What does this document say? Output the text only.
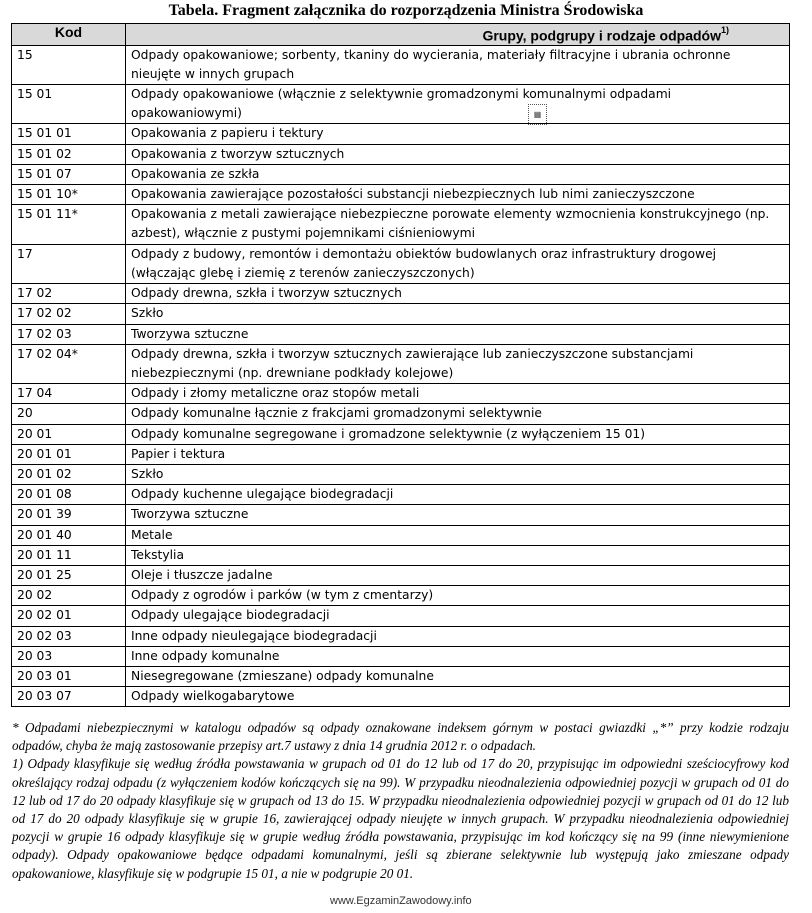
Tabela. Fragment załącznika do rozporządzenia Ministra Środowiska
▦
Kod	Grupy, podgrupy i rodzaje odpadów$^{1)}$
15	Odpady opakowaniowe; sorbenty, tkaniny do wycierania, materiały filtracyjne i ubrania ochronne nieujęte w innych grupach
15 01	Odpady opakowaniowe (włącznie z selektywnie gromadzonymi komunalnymi odpadami opakowaniowymi)
15 01 01	Opakowania z papieru i tektury
15 01 02	Opakowania z tworzyw sztucznych
15 01 07	Opakowania ze szkła
15 01 10*	Opakowania zawierające pozostałości substancji niebezpiecznych lub nimi zanieczyszczone
15 01 11*	Opakowania z metali zawierające niebezpieczne porowate elementy wzmocnienia konstrukcyjnego (np. azbest), włącznie z pustymi pojemnikami ciśnieniowymi
17	Odpady z budowy, remontów i demontażu obiektów budowlanych oraz infrastruktury drogowej (włączając glebę i ziemię z terenów zanieczyszczonych)
17 02	Odpady drewna, szkła i tworzyw sztucznych
17 02 02	Szkło
17 02 03	Tworzywa sztuczne
17 02 04*	Odpady drewna, szkła i tworzyw sztucznych zawierające lub zanieczyszczone substancjami niebezpiecznymi (np. drewniane podkłady kolejowe)
17 04	Odpady i złomy metaliczne oraz stopów metali
20	Odpady komunalne łącznie z frakcjami gromadzonymi selektywnie
20 01	Odpady komunalne segregowane i gromadzone selektywnie (z wyłączeniem 15 01)
20 01 01	Papier i tektura
20 01 02	Szkło
20 01 08	Odpady kuchenne ulegające biodegradacji
20 01 39	Tworzywa sztuczne
20 01 40	Metale
20 01 11	Tekstylia
20 01 25	Oleje i tłuszcze jadalne
20 02	Odpady z ogrodów i parków (w tym z cmentarzy)
20 02 01	Odpady ulegające biodegradacji
20 02 03	Inne odpady nieulegające biodegradacji
20 03	Inne odpady komunalne
20 03 01	Niesegregowane (zmieszane) odpady komunalne
20 03 07	Odpady wielkogabarytowe

* Odpadami niebezpiecznymi w katalogu odpadów są odpady oznakowane indeksem górnym w postaci gwiazdki „*” przy kodzie rodzaju odpadów, chyba że mają zastosowanie przepisy art.7 ustawy z dnia 14 grudnia 2012 r. o odpadach.

1) Odpady klasyfikuje się według źródła powstawania w grupach od 01 do 12 lub od 17 do 20, przypisując im odpowiedni sześciocyfrowy kod określający rodzaj odpadu (z wyłączeniem kodów kończących się na 99). W przypadku nieodnalezienia odpowiedniej pozycji w grupach od 01 do 12 lub od 17 do 20 odpady klasyfikuje się w grupach od 13 do 15. W przypadku nieodnalezienia odpowiedniej pozycji w grupach od 01 do 12 lub od 17 do 20 odpady klasyfikuje się w grupie 16, zawierającej odpady nieujęte w innych grupach. W przypadku nieodnalezienia odpowiedniej pozycji w grupie 16 odpady klasyfikuje się w grupie według źródła powstawania, przypisując im kod kończący się na 99 (inne niewymienione odpady). Odpady opakowaniowe będące odpadami komunalnymi, jeśli są zbierane selektywnie lub występują jako zmieszane odpady opakowaniowe, klasyfikuje się w podgrupie 15 01, a nie w podgrupie 20 01.

www.EgzaminZawodowy.info
